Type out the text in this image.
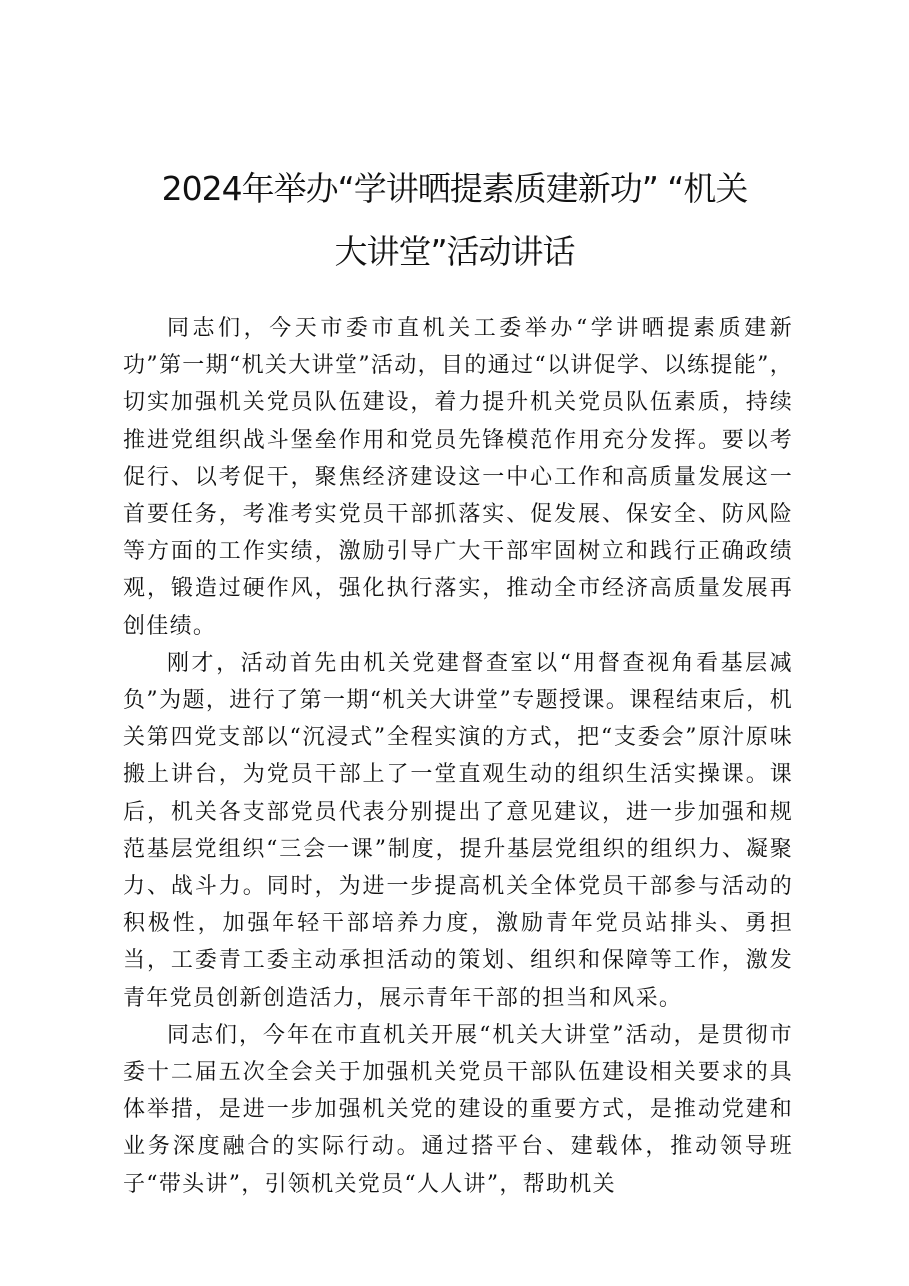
2024年举办“学讲晒提素质建新功” “机关
大讲堂”活动讲话

同志们，今天市委市直机关工委举办“学讲晒提素质建新功”第一期“机关大讲堂”活动，目的通过“以讲促学、以练提能”，切实加强机关党员队伍建设，着力提升机关党员队伍素质，持续推进党组织战斗堡垒作用和党员先锋模范作用充分发挥。要以考促行、以考促干，聚焦经济建设这一中心工作和高质量发展这一首要任务，考准考实党员干部抓落实、促发展、保安全、防风险等方面的工作实绩，激励引导广大干部牢固树立和践行正确政绩观，锻造过硬作风，强化执行落实，推动全市经济高质量发展再创佳绩。

刚才，活动首先由机关党建督查室以“用督查视角看基层减负”为题，进行了第一期“机关大讲堂”专题授课。课程结束后，机关第四党支部以“沉浸式”全程实演的方式，把“支委会”原汁原味搬上讲台，为党员干部上了一堂直观生动的组织生活实操课。课后，机关各支部党员代表分别提出了意见建议，进一步加强和规范基层党组织“三会一课”制度，提升基层党组织的组织力、凝聚力、战斗力。同时，为进一步提高机关全体党员干部参与活动的积极性，加强年轻干部培养力度，激励青年党员站排头、勇担当，工委青工委主动承担活动的策划、组织和保障等工作，激发青年党员创新创造活力，展示青年干部的担当和风采。

同志们，今年在市直机关开展“机关大讲堂”活动，是贯彻市委十二届五次全会关于加强机关党员干部队伍建设相关要求的具体举措，是进一步加强机关党的建设的重要方式，是推动党建和业务深度融合的实际行动。通过搭平台、建载体，推动领导班子“带头讲”，引领机关党员“人人讲”，帮助机关
